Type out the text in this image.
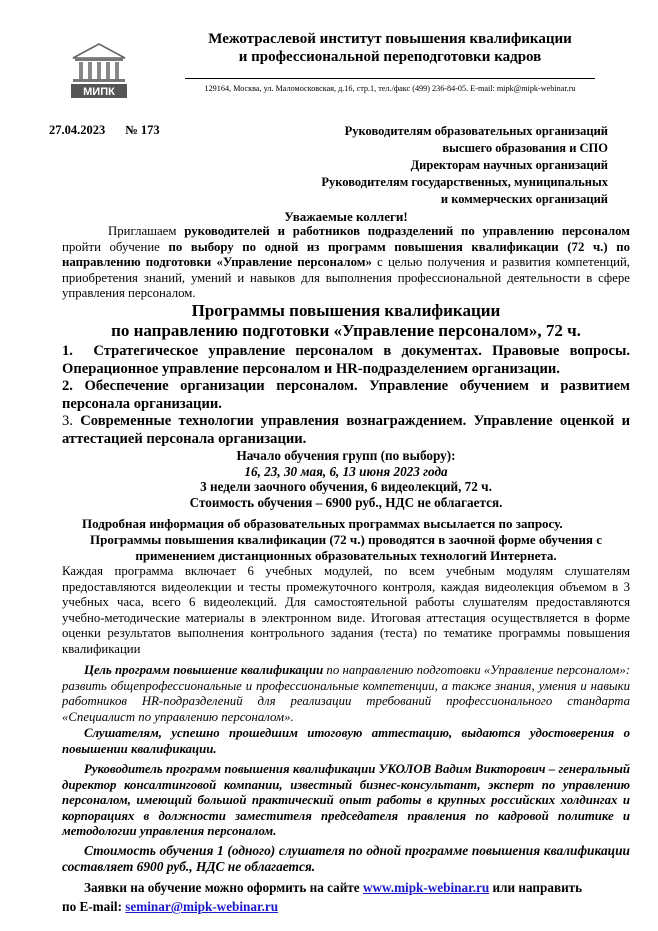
МИПК
Межотраслевой институт повышения квалификации
и профессиональной переподготовки кадров
129164, Москва, ул. Маломосковская, д.16, стр.1, тел./факс (499) 236-84-05. E-mail: mipk@mipk-webinar.ru
27.04.2023 № 173	Руководителям образовательных организаций
высшего образования и СПО
Директорам научных организаций
Руководителям государственных, муниципальных
и коммерческих организаций
Уважаемые коллеги!
Приглашаем руководителей и работников подразделений по управлению персоналом пройти обучение по выбору по одной из программ повышения квалификации (72 ч.) по направлению подготовки «Управление персоналом» с целью получения и развития компетенций, приобретения знаний, умений и навыков для выполнения профессиональной деятельности в сфере управления персоналом.
Программы повышения квалификации
по направлению подготовки «Управление персоналом», 72 ч.

1. Стратегическое управление персоналом в документах. Правовые вопросы. Операционное управление персоналом и HR-подразделением организации.

2. Обеспечение организации персоналом. Управление обучением и развитием персонала организации.

3. Современные технологии управления вознаграждением. Управление оценкой и аттестацией персонала организации.

Начало обучения групп (по выбору):
16, 23, 30 мая, 6, 13 июня 2023 года
3 недели заочного обучения, 6 видеолекций, 72 ч.
Стоимость обучения – 6900 руб., НДС не облагается.
Подробная информация об образовательных программах высылается по запросу.
Программы повышения квалификации (72 ч.) проводятся в заочной форме обучения с применением дистанционных образовательных технологий Интернета.
Каждая программа включает 6 учебных модулей, по всем учебным модулям слушателям предоставляются видеолекции и тесты промежуточного контроля, каждая видеолекция объемом в 3 учебных часа, всего 6 видеолекций. Для самостоятельной работы слушателям предоставляются учебно-методические материалы в электронном виде. Итоговая аттестация осуществляется в форме оценки результатов выполнения контрольного задания (теста) по тематике программы повышения квалификации
Цель программ повышение квалификации по направлению подготовки «Управление персоналом»: развить общепрофессиональные и профессиональные компетенции, а также знания, умения и навыки работников HR-подразделений для реализации требований профессионального стандарта «Специалист по управлению персоналом».
Слушателям, успешно прошедшим итоговую аттестацию, выдаются удостоверения о повышении квалификации.
Руководитель программ повышения квалификации УКОЛОВ Вадим Викторович – генеральный директор консалтинговой компании, известный бизнес-консультант, эксперт по управлению персоналом, имеющий большой практический опыт работы в крупных российских холдингах и корпорациях в должности заместителя председателя правления по кадровой политике и методологии управления персоналом.
Стоимость обучения 1 (одного) слушателя по одной программе повышения квалификации составляет 6900 руб., НДС не облагается.
Заявки на обучение можно оформить на сайте www.mipk-webinar.ru или направить
по E-mail: seminar@mipk-webinar.ru
